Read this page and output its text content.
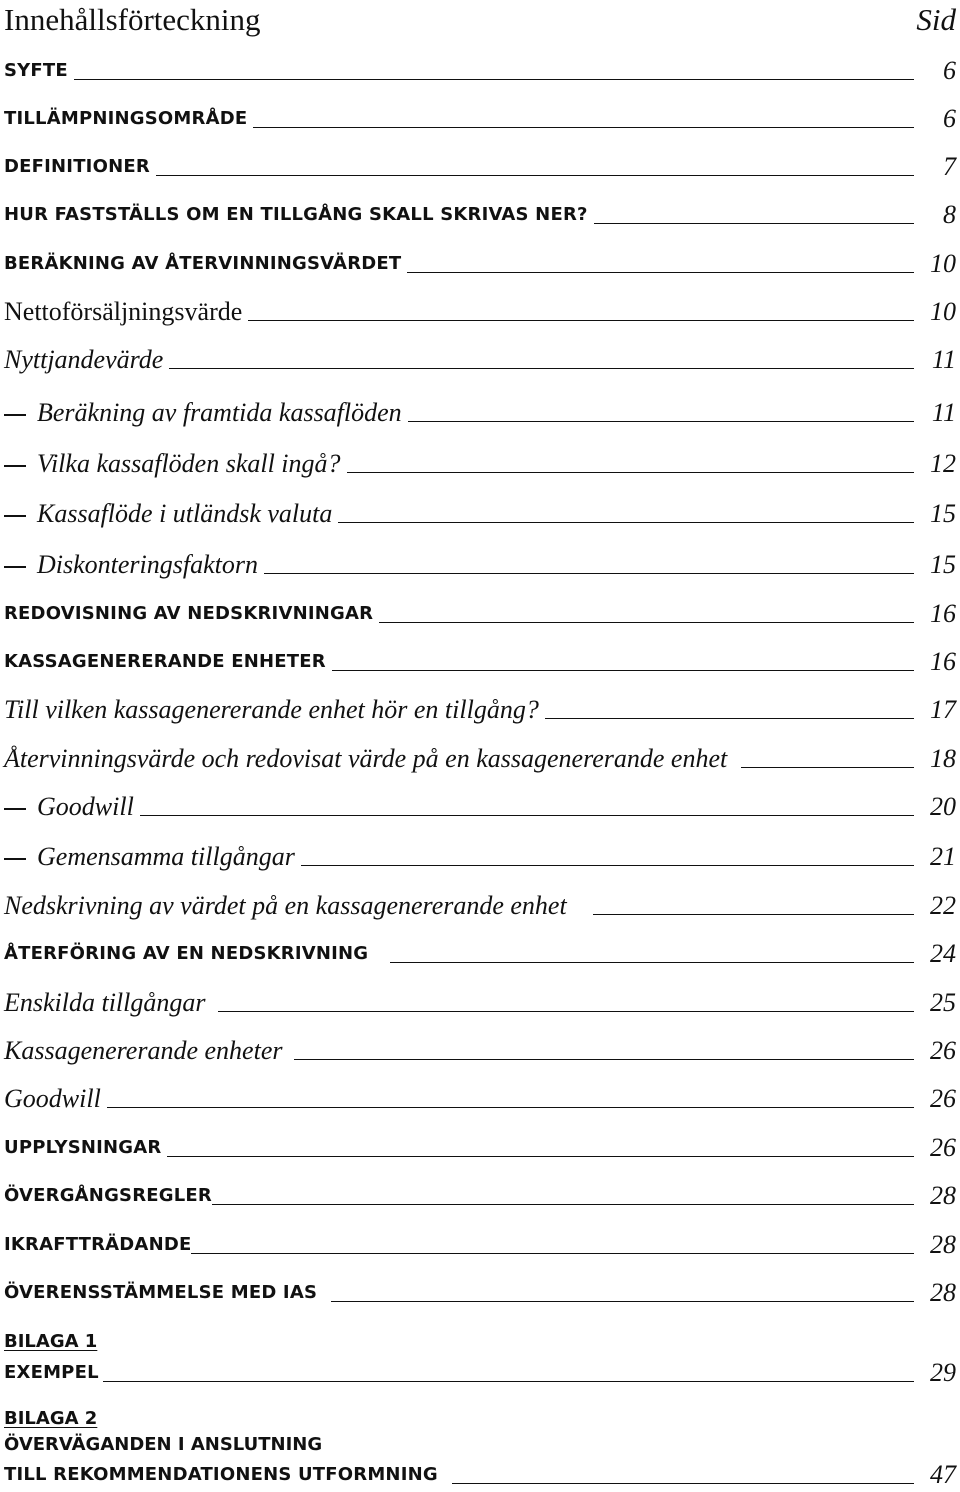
Innehållsförteckning	Sid
SYFTE	6
TILLÄMPNINGSOMRÅDE	6
DEFINITIONER	7
HUR FASTSTÄLLS OM EN TILLGÅNG SKALL SKRIVAS NER?	8
BERÄKNING AV ÅTERVINNINGSVÄRDET	10
Nettoförsäljningsvärde	10
Nyttjandevärde	11
Beräkning av framtida kassaflöden	11
Vilka kassaflöden skall ingå?	12
Kassaflöde i utländsk valuta	15
Diskonteringsfaktorn	15
REDOVISNING AV NEDSKRIVNINGAR	16
KASSAGENERERANDE ENHETER	16
Till vilken kassagenererande enhet hör en tillgång?	17
Återvinningsvärde och redovisat värde på en kassagenererande enhet	18
Goodwill	20
Gemensamma tillgångar	21
Nedskrivning av värdet på en kassagenererande enhet	22
ÅTERFÖRING AV EN NEDSKRIVNING	24
Enskilda tillgångar	25
Kassagenererande enheter	26
Goodwill	26
UPPLYSNINGAR	26
ÖVERGÅNGSREGLER	28
IKRAFTTRÄDANDE	28
ÖVERENSSTÄMMELSE MED IAS	28
BILAGA 1
EXEMPEL	29
BILAGA 2
ÖVERVÄGANDEN I ANSLUTNING
TILL REKOMMENDATIONENS UTFORMNING	47
